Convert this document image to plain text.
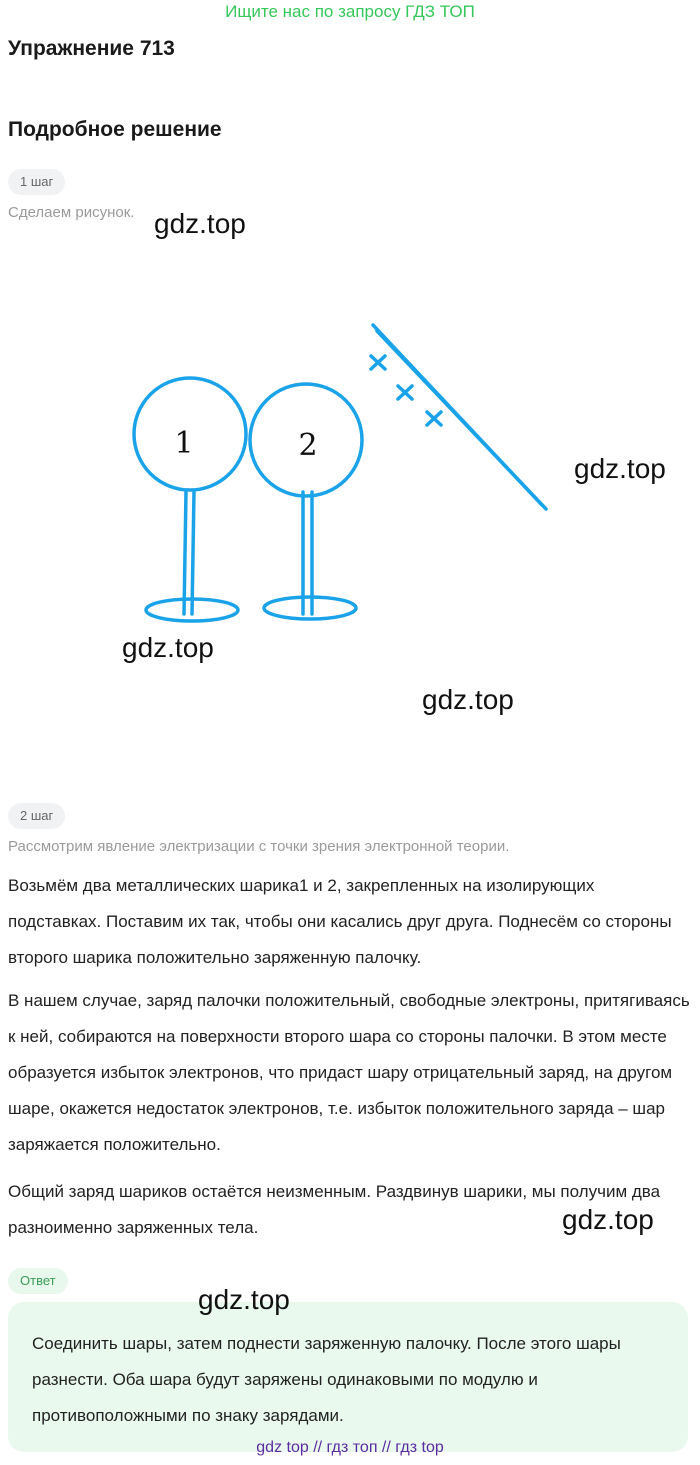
Ищите нас по запросу ГДЗ ТОП
Упражнение 713
Подробное решение
1 шаг
Сделаем рисунок.
1	2
2 шаг
Рассмотрим явление электризации с точки зрения электронной теории.
Возьмём два металлических шарика1 и 2, закрепленных на изолирующих подставках. Поставим их так, чтобы они касались друг друга. Поднесём со стороны второго шарика положительно заряженную палочку.
В нашем случае, заряд палочки положительный, свободные электроны, притягиваясь к ней, собираются на поверхности второго шара со стороны палочки. В этом месте образуется избыток электронов, что придаст шару отрицательный заряд, на другом шаре, окажется недостаток электронов, т.е. избыток положительного заряда – шар заряжается положительно.
Общий заряд шариков остаётся неизменным. Раздвинув шарики, мы получим два разноименно заряженных тела.
Ответ
Соединить шары, затем поднести заряженную палочку. После этого шары разнести. Оба шара будут заряжены одинаковыми по модулю и противоположными по знаку зарядами.
gdz.top
gdz.top
gdz.top
gdz.top
gdz.top
gdz.top
gdz top // гдз топ // гдз top
